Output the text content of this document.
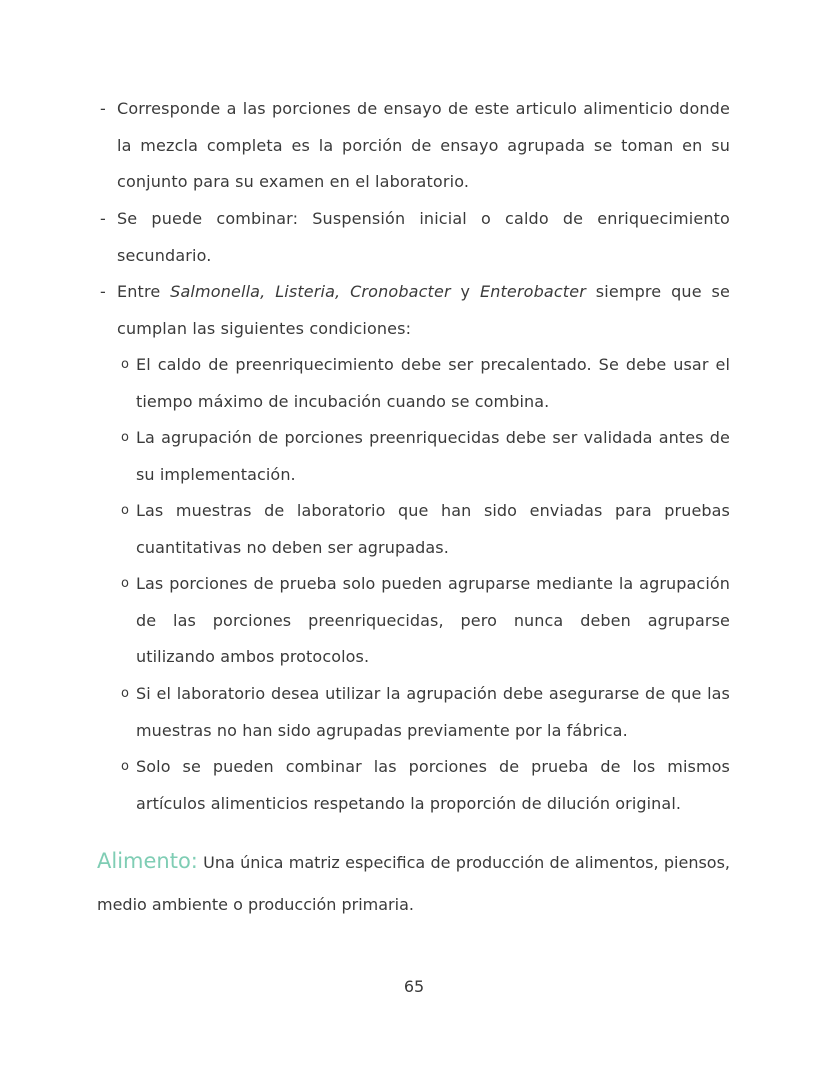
- Corresponde a las porciones de ensayo de este articulo alimenticio donde la mezcla completa es la porción de ensayo agrupada se toman en su conjunto para su examen en el laboratorio.
- Se puede combinar: Suspensión inicial o caldo de enriquecimiento secundario.
- Entre Salmonella, Listeria, Cronobacter y Enterobacter siempre que se cumplan las siguientes condiciones:
o El caldo de preenriquecimiento debe ser precalentado. Se debe usar el tiempo máximo de incubación cuando se combina.
o La agrupación de porciones preenriquecidas debe ser validada antes de su implementación.
o Las muestras de laboratorio que han sido enviadas para pruebas cuantitativas no deben ser agrupadas.
o Las porciones de prueba solo pueden agruparse mediante la agrupación de las porciones preenriquecidas, pero nunca deben agruparse utilizando ambos protocolos.
o Si el laboratorio desea utilizar la agrupación debe asegurarse de que las muestras no han sido agrupadas previamente por la fábrica.
o Solo se pueden combinar las porciones de prueba de los mismos artículos alimenticios respetando la proporción de dilución original.
Alimento: Una única matriz especifica de producción de alimentos, piensos, medio ambiente o producción primaria.
65
